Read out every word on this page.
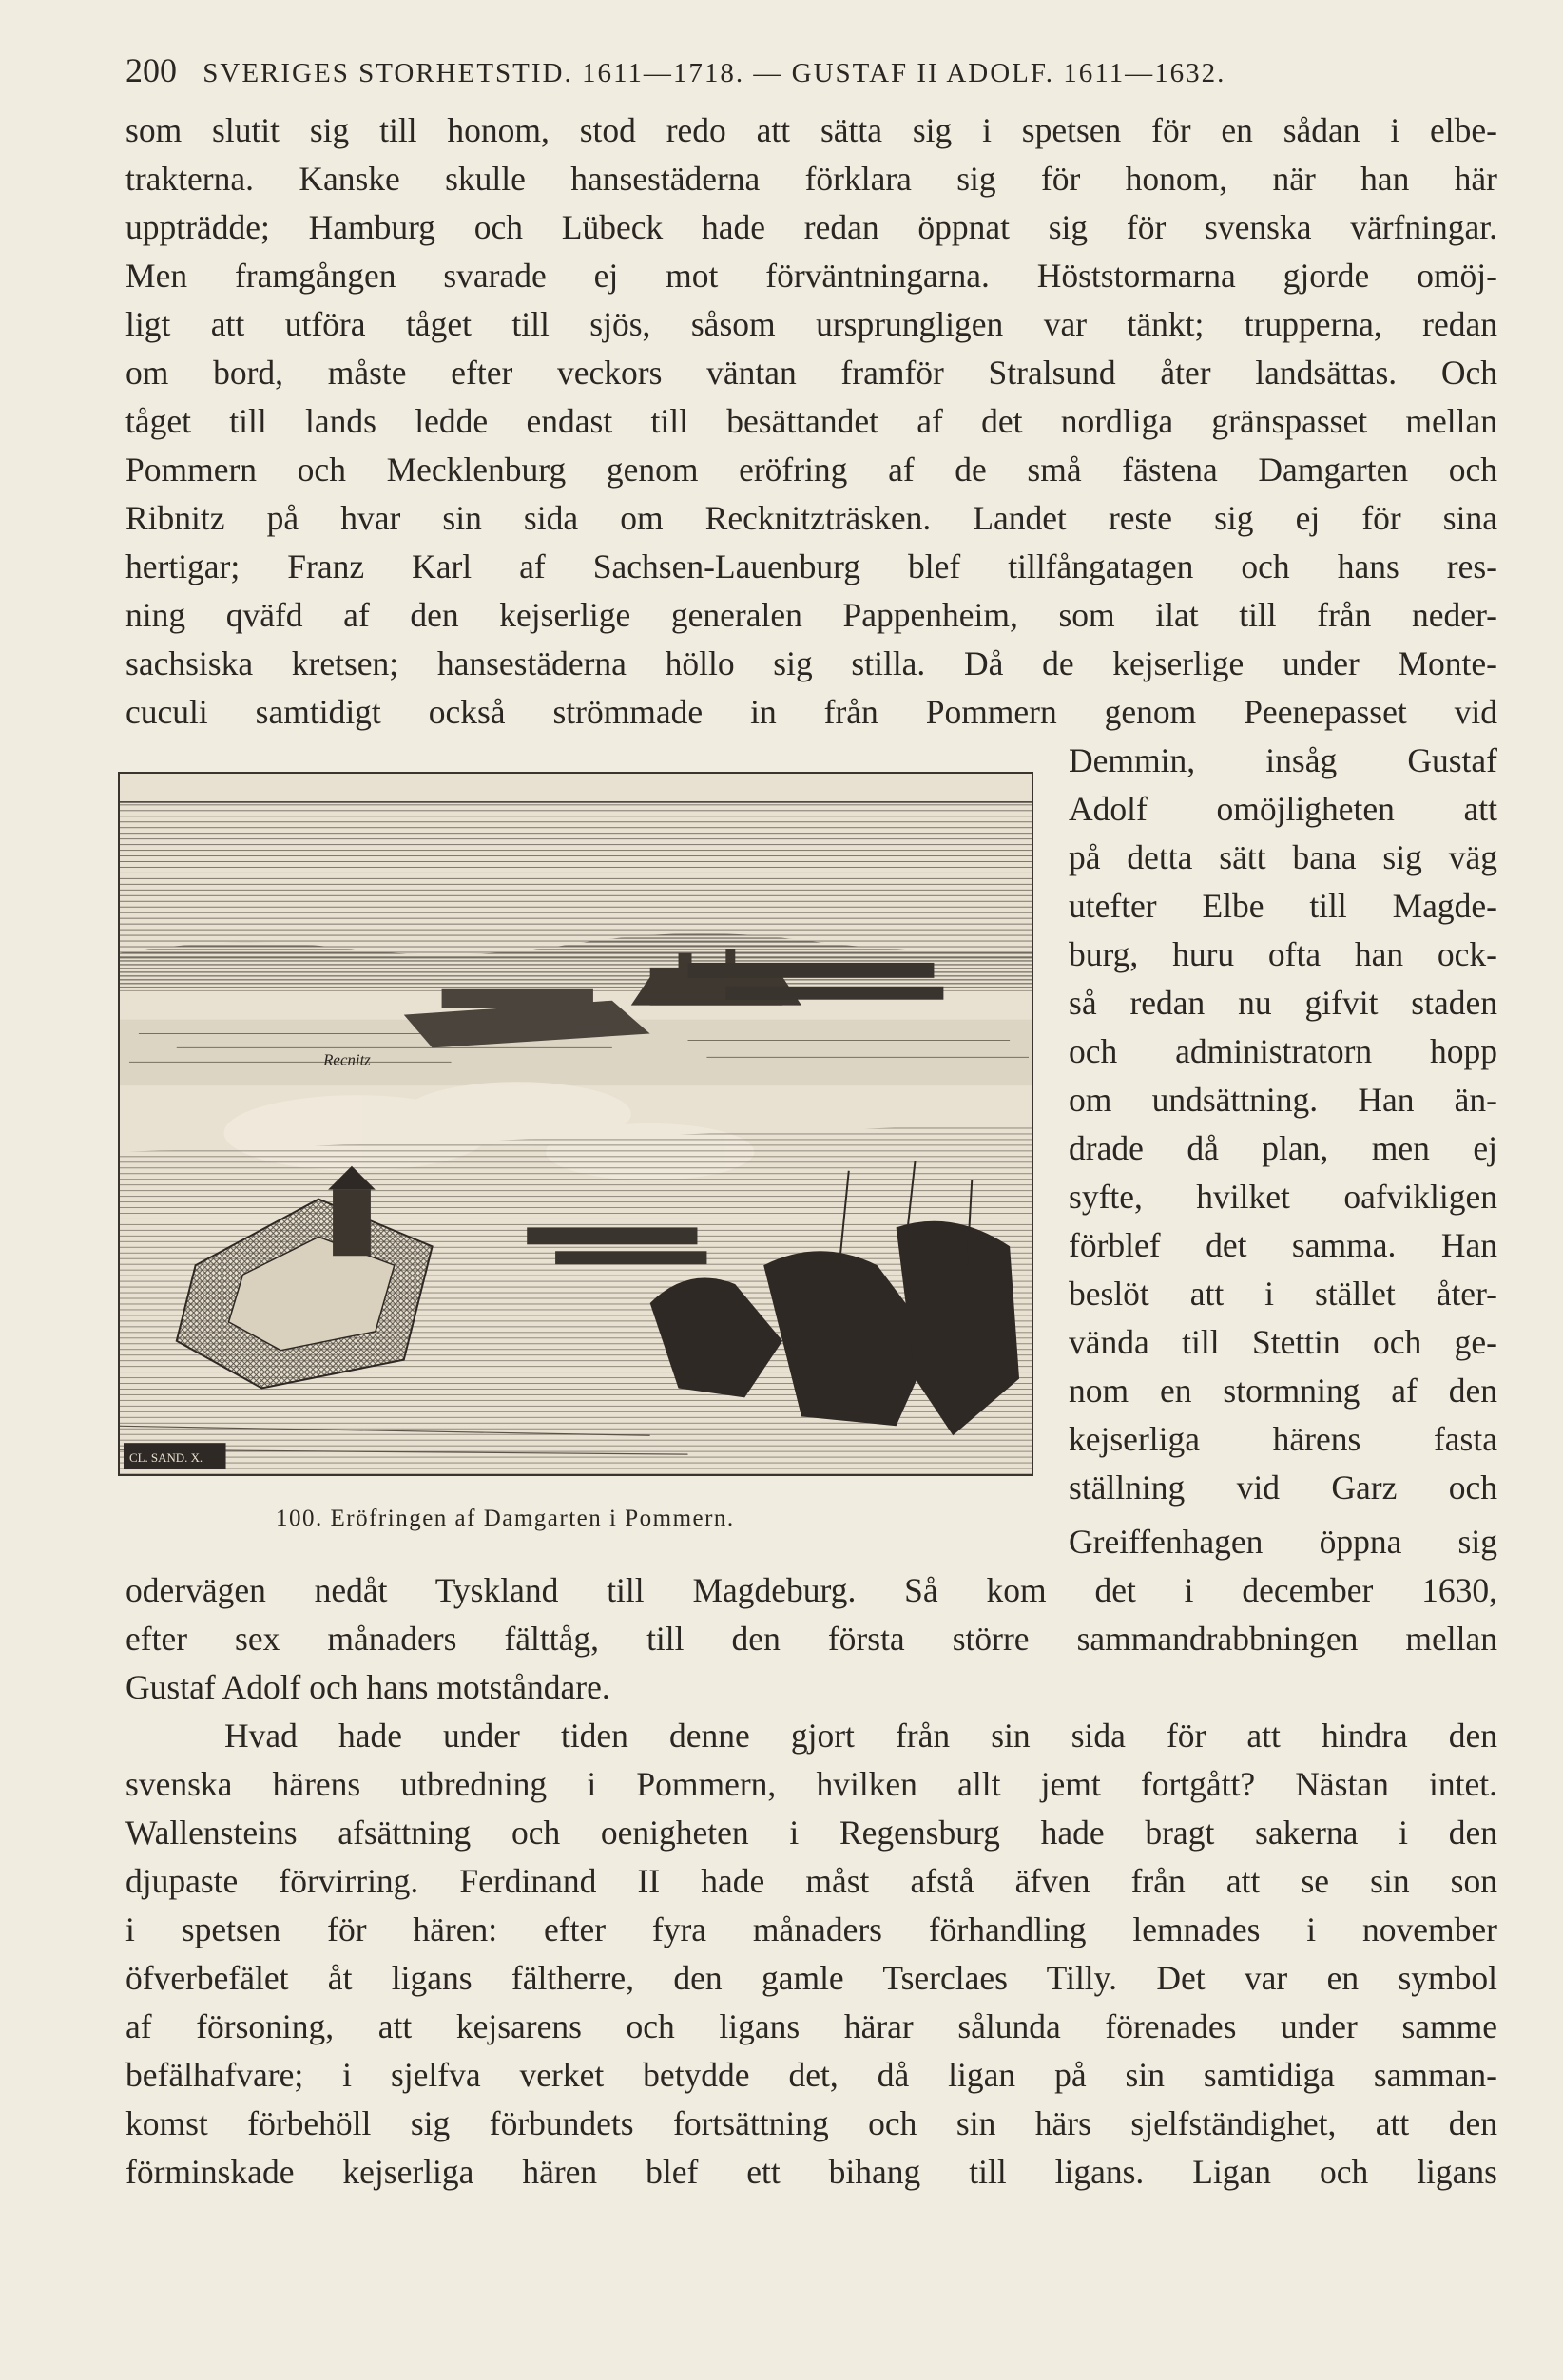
200 SVERIGES STORHETSTID. 1611—1718. — GUSTAF II ADOLF. 1611—1632.
som slutit sig till honom, stod redo att sätta sig i spetsen för en sådan i elbe-
trakterna. Kanske skulle hansestäderna förklara sig för honom, när han här
uppträdde; Hamburg och Lübeck hade redan öppnat sig för svenska värfningar.
Men framgången svarade ej mot förväntningarna. Höststormarna gjorde omöj-
ligt att utföra tåget till sjös, såsom ursprungligen var tänkt; trupperna, redan
om bord, måste efter veckors väntan framför Stralsund åter landsättas. Och
tåget till lands ledde endast till besättandet af det nordliga gränspasset mellan
Pommern och Mecklenburg genom eröfring af de små fästena Damgarten och
Ribnitz på hvar sin sida om Recknitzträsken. Landet reste sig ej för sina
hertigar; Franz Karl af Sachsen-Lauenburg blef tillfångatagen och hans res-
ning qväfd af den kejserlige generalen Pappenheim, som ilat till från neder-
sachsiska kretsen; hansestäderna höllo sig stilla. Då de kejserlige under Monte-
cuculi samtidigt också strömmade in från Pommern genom Peenepasset vid
Demmin, insåg Gustaf
Adolf omöjligheten att
på detta sätt bana sig väg
utefter Elbe till Magde-
burg, huru ofta han ock-
så redan nu gifvit staden
och administratorn hopp
om undsättning. Han än-
drade då plan, men ej
syfte, hvilket oafvikligen
förblef det samma. Han
beslöt att i stället åter-
vända till Stettin och ge-
nom en stormning af den
kejserliga härens fasta
ställning vid Garz och
Greiffenhagen öppna sig
Recnitz
CL. SAND. X.
100. Eröfringen af Damgarten i Pommern.
odervägen nedåt Tyskland till Magdeburg. Så kom det i december 1630,
efter sex månaders fälttåg, till den första större sammandrabbningen mellan
Gustaf Adolf och hans motståndare.
Hvad hade under tiden denne gjort från sin sida för att hindra den
svenska härens utbredning i Pommern, hvilken allt jemt fortgått? Nästan intet.
Wallensteins afsättning och oenigheten i Regensburg hade bragt sakerna i den
djupaste förvirring. Ferdinand II hade måst afstå äfven från att se sin son
i spetsen för hären: efter fyra månaders förhandling lemnades i november
öfverbefälet åt ligans fältherre, den gamle Tserclaes Tilly. Det var en symbol
af försoning, att kejsarens och ligans härar sålunda förenades under samme
befälhafvare; i sjelfva verket betydde det, då ligan på sin samtidiga samman-
komst förbehöll sig förbundets fortsättning och sin härs sjelfständighet, att den
förminskade kejserliga hären blef ett bihang till ligans. Ligan och ligans
